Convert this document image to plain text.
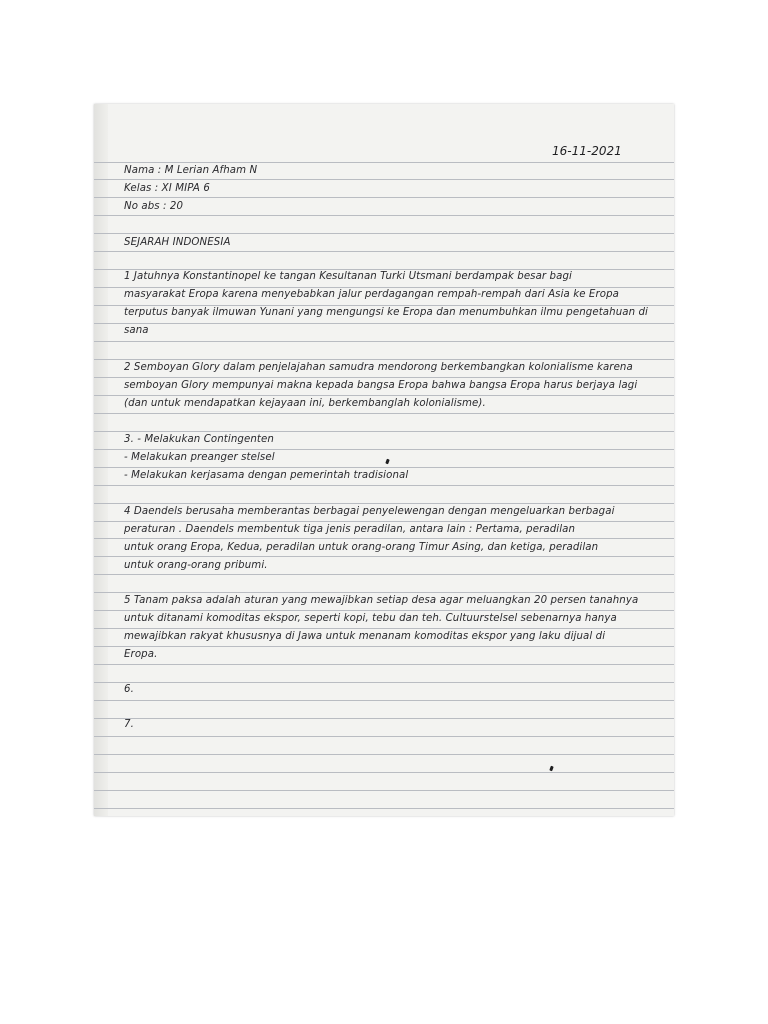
16-11-2021
Nama : M Lerian Afham N
Kelas : XI MIPA 6
No abs : 20
SEJARAH INDONESIA
1 Jatuhnya Konstantinopel ke tangan Kesultanan Turki Utsmani berdampak besar bagi
masyarakat Eropa karena menyebabkan jalur perdagangan rempah-rempah dari Asia ke Eropa
terputus banyak ilmuwan Yunani yang mengungsi ke Eropa dan menumbuhkan ilmu pengetahuan di
sana
2 Semboyan Glory dalam penjelajahan samudra mendorong berkembangkan kolonialisme karena
semboyan Glory mempunyai makna kepada bangsa Eropa bahwa bangsa Eropa harus berjaya lagi
(dan untuk mendapatkan kejayaan ini, berkembanglah kolonialisme).
3. - Melakukan Contingenten
- Melakukan preanger stelsel
- Melakukan kerjasama dengan pemerintah tradisional
4 Daendels berusaha memberantas berbagai penyelewengan dengan mengeluarkan berbagai
peraturan . Daendels membentuk tiga jenis peradilan, antara lain : Pertama, peradilan
untuk orang Eropa, Kedua, peradilan untuk orang-orang Timur Asing, dan ketiga, peradilan
untuk orang-orang pribumi.
5 Tanam paksa adalah aturan yang mewajibkan setiap desa agar meluangkan 20 persen tanahnya
untuk ditanami komoditas ekspor, seperti kopi, tebu dan teh. Cultuurstelsel sebenarnya hanya
mewajibkan rakyat khususnya di Jawa untuk menanam komoditas ekspor yang laku dijual di
Eropa.
6.
7.
